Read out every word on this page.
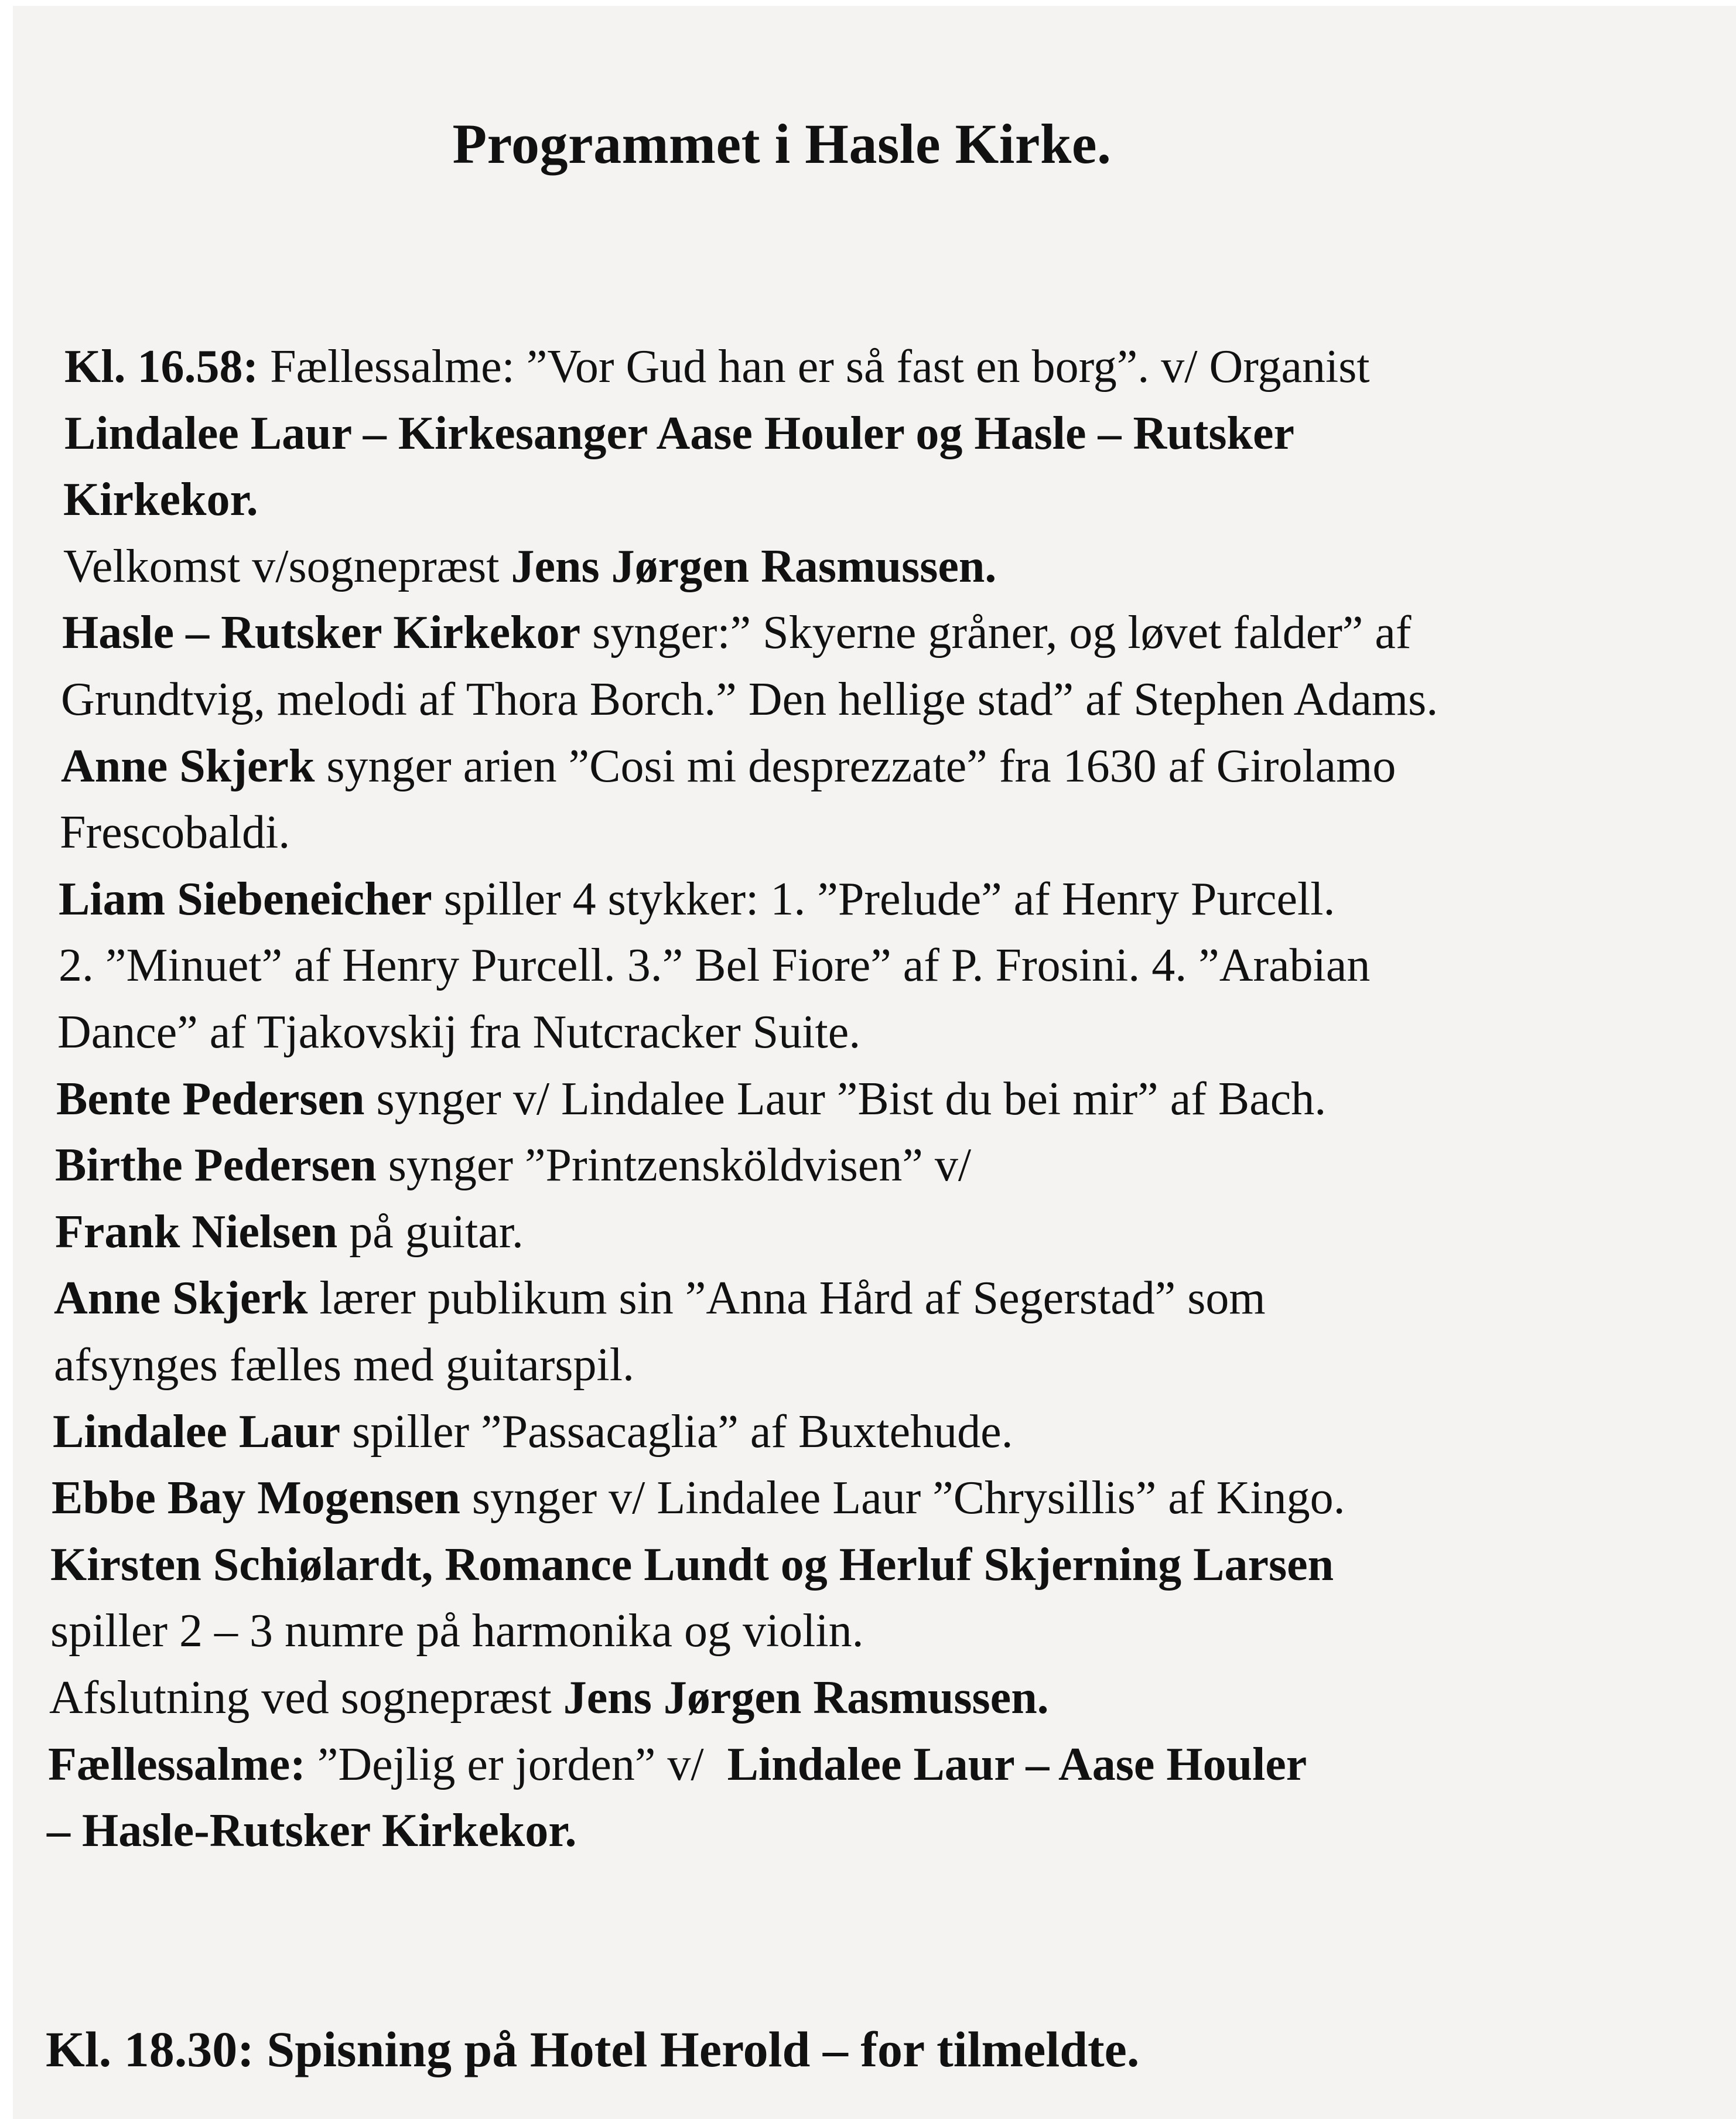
Programmet i Hasle Kirke.
Kl. 16.58: Fællessalme: ”Vor Gud han er så fast en borg”. v/ Organist
Lindalee Laur – Kirkesanger Aase Houler og Hasle – Rutsker
Kirkekor.
Velkomst v/sognepræst Jens Jørgen Rasmussen.
Hasle – Rutsker Kirkekor synger:” Skyerne gråner, og løvet falder” af
Grundtvig, melodi af Thora Borch.” Den hellige stad” af Stephen Adams.
Anne Skjerk synger arien ”Cosi mi desprezzate” fra 1630 af Girolamo
Frescobaldi.
Liam Siebeneicher spiller 4 stykker: 1. ”Prelude” af Henry Purcell.
2. ”Minuet” af Henry Purcell. 3.” Bel Fiore” af P. Frosini. 4. ”Arabian
Dance” af Tjakovskij fra Nutcracker Suite.
Bente Pedersen synger v/ Lindalee Laur ”Bist du bei mir” af Bach.
Birthe Pedersen synger ”Printzensköldvisen” v/
Frank Nielsen på guitar.
Anne Skjerk lærer publikum sin ”Anna Hård af Segerstad” som
afsynges fælles med guitarspil.
Lindalee Laur spiller ”Passacaglia” af Buxtehude.
Ebbe Bay Mogensen synger v/ Lindalee Laur ”Chrysillis” af Kingo.
Kirsten Schiølardt, Romance Lundt og Herluf Skjerning Larsen
spiller 2 – 3 numre på harmonika og violin.
Afslutning ved sognepræst Jens Jørgen Rasmussen.
Fællessalme: ”Dejlig er jorden” v/  Lindalee Laur – Aase Houler
– Hasle-Rutsker Kirkekor.
Kl. 18.30: Spisning på Hotel Herold – for tilmeldte.
